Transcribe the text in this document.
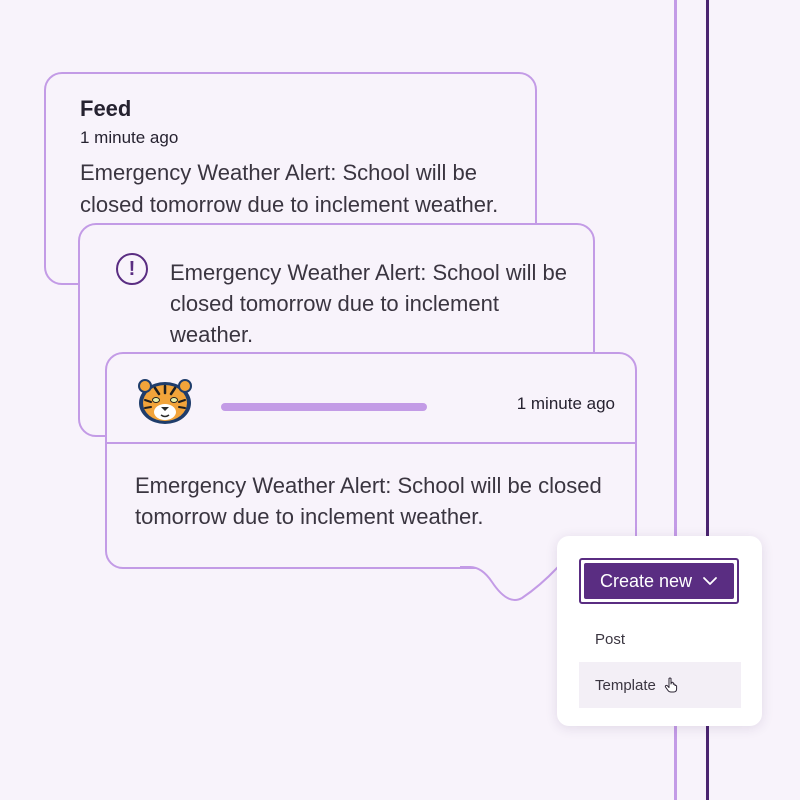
Feed
1 minute ago
Emergency Weather Alert: School will be closed tomorrow due to inclement weather.
!	Emergency Weather Alert: School will be closed tomorrow due to inclement weather.
1 minute ago
Emergency Weather Alert: School will be closed tomorrow due to inclement weather.
Create new
Post
Template
